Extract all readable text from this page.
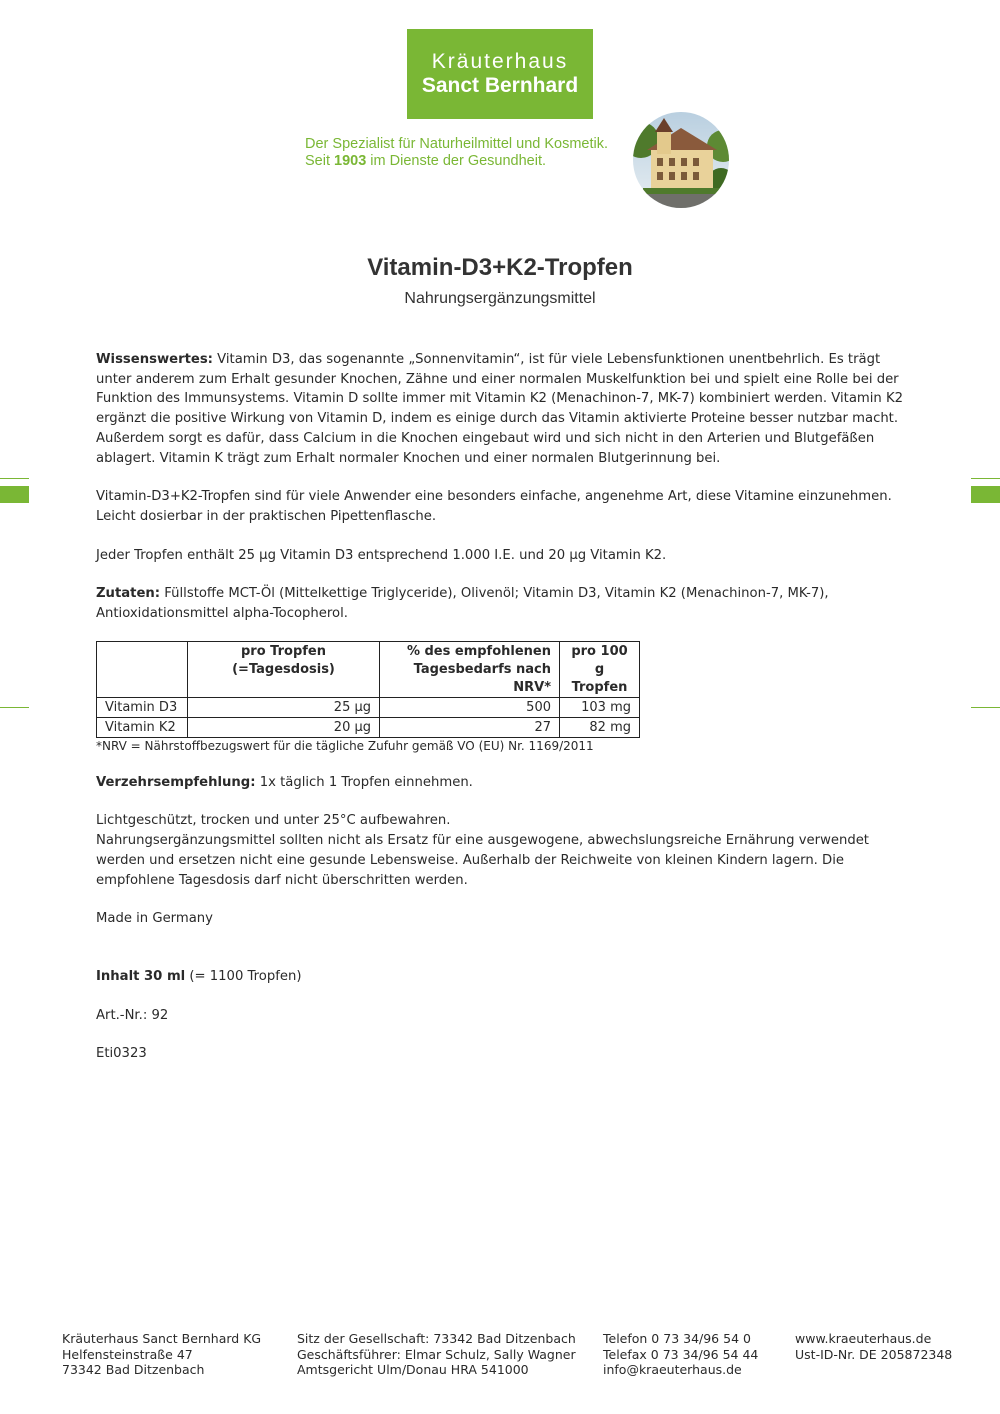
Kräuterhaus
Sanct Bernhard
Der Spezialist für Naturheilmittel und Kosmetik.
Seit 1903 im Dienste der Gesundheit.
Vitamin-D3+K2-Tropfen
Nahrungsergänzungsmittel

Wissenswertes: Vitamin D3, das sogenannte „Sonnenvitamin“, ist für viele Lebensfunktionen unentbehrlich. Es trägt unter anderem zum Erhalt gesunder Knochen, Zähne und einer normalen Muskelfunktion bei und spielt eine Rolle bei der Funktion des Immunsystems. Vitamin D sollte immer mit Vitamin K2 (Menachinon-7, MK-7) kombiniert werden. Vitamin K2 ergänzt die positive Wirkung von Vitamin D, indem es einige durch das Vitamin aktivierte Proteine besser nutzbar macht. Außerdem sorgt es dafür, dass Calcium in die Knochen eingebaut wird und sich nicht in den Arterien und Blutgefäßen ablagert. Vitamin K trägt zum Erhalt normaler Knochen und einer normalen Blutgerinnung bei.

Vitamin-D3+K2-Tropfen sind für viele Anwender eine besonders einfache, angenehme Art, diese Vitamine einzunehmen. Leicht dosierbar in der praktischen Pipettenflasche.

Jeder Tropfen enthält 25 µg Vitamin D3 entsprechend 1.000 I.E. und 20 µg Vitamin K2.

Zutaten: Füllstoffe MCT-Öl (Mittelkettige Triglyceride), Olivenöl; Vitamin D3, Vitamin K2 (Menachinon-7, MK-7), Antioxidationsmittel alpha-Tocopherol.

	pro Tropfen (=Tagesdosis)	% des empfohlenen Tagesbedarfs nach NRV*	pro 100 g Tropfen
Vitamin D3	25 µg	500	103 mg
Vitamin K2	20 µg	27	82 mg

*NRV = Nährstoffbezugswert für die tägliche Zufuhr gemäß VO (EU) Nr. 1169/2011

Verzehrsempfehlung: 1x täglich 1 Tropfen einnehmen.

Lichtgeschützt, trocken und unter 25°C aufbewahren.
Nahrungsergänzungsmittel sollten nicht als Ersatz für eine ausgewogene, abwechslungsreiche Ernährung verwendet werden und ersetzen nicht eine gesunde Lebensweise. Außerhalb der Reichweite von kleinen Kindern lagern. Die empfohlene Tagesdosis darf nicht überschritten werden.

Made in Germany

Inhalt 30 ml (= 1100 Tropfen)

Art.-Nr.: 92

Eti0323

Kräuterhaus Sanct Bernhard KG
Helfensteinstraße 47
73342 Bad Ditzenbach
Sitz der Gesellschaft: 73342 Bad Ditzenbach
Geschäftsführer: Elmar Schulz, Sally Wagner
Amtsgericht Ulm/Donau HRA 541000
Telefon 0 73 34/96 54 0
Telefax 0 73 34/96 54 44
info@kraeuterhaus.de
www.kraeuterhaus.de
Ust-ID-Nr. DE 205872348
